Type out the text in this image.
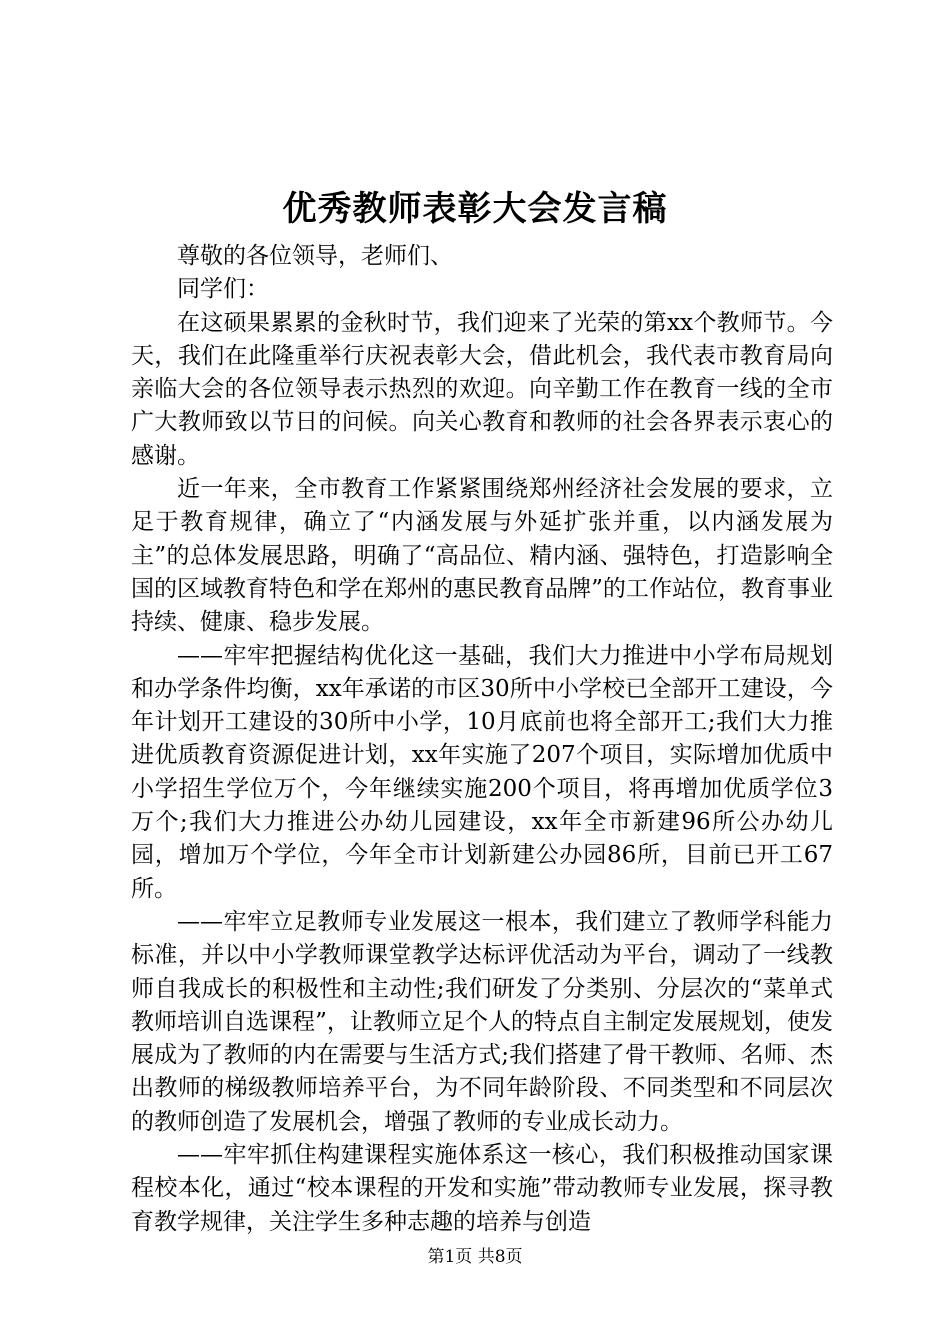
优秀教师表彰大会发言稿

尊敬的各位领导，老师们、

同学们：

在这硕果累累的金秋时节，我们迎来了光荣的第xx个教师节。今天，我们在此隆重举行庆祝表彰大会，借此机会，我代表市教育局向亲临大会的各位领导表示热烈的欢迎。向辛勤工作在教育一线的全市广大教师致以节日的问候。向关心教育和教师的社会各界表示衷心的感谢。

近一年来，全市教育工作紧紧围绕郑州经济社会发展的要求，立足于教育规律，确立了“内涵发展与外延扩张并重，以内涵发展为主”的总体发展思路，明确了“高品位、精内涵、强特色，打造影响全国的区域教育特色和学在郑州的惠民教育品牌”的工作站位，教育事业持续、健康、稳步发展。

——牢牢把握结构优化这一基础，我们大力推进中小学布局规划和办学条件均衡，xx年承诺的市区30所中小学校已全部开工建设，今年计划开工建设的30所中小学，10月底前也将全部开工;我们大力推进优质教育资源促进计划，xx年实施了207个项目，实际增加优质中小学招生学位万个，今年继续实施200个项目，将再增加优质学位3万个;我们大力推进公办幼儿园建设，xx年全市新建96所公办幼儿园，增加万个学位，今年全市计划新建公办园86所，目前已开工67所。

——牢牢立足教师专业发展这一根本，我们建立了教师学科能力标准，并以中小学教师课堂教学达标评优活动为平台，调动了一线教师自我成长的积极性和主动性;我们研发了分类别、分层次的“菜单式教师培训自选课程”，让教师立足个人的特点自主制定发展规划，使发展成为了教师的内在需要与生活方式;我们搭建了骨干教师、名师、杰出教师的梯级教师培养平台，为不同年龄阶段、不同类型和不同层次的教师创造了发展机会，增强了教师的专业成长动力。

——牢牢抓住构建课程实施体系这一核心，我们积极推动国家课程校本化，通过“校本课程的开发和实施”带动教师专业发展，探寻教育教学规律，关注学生多种志趣的培养与创造

第1页 共8页
